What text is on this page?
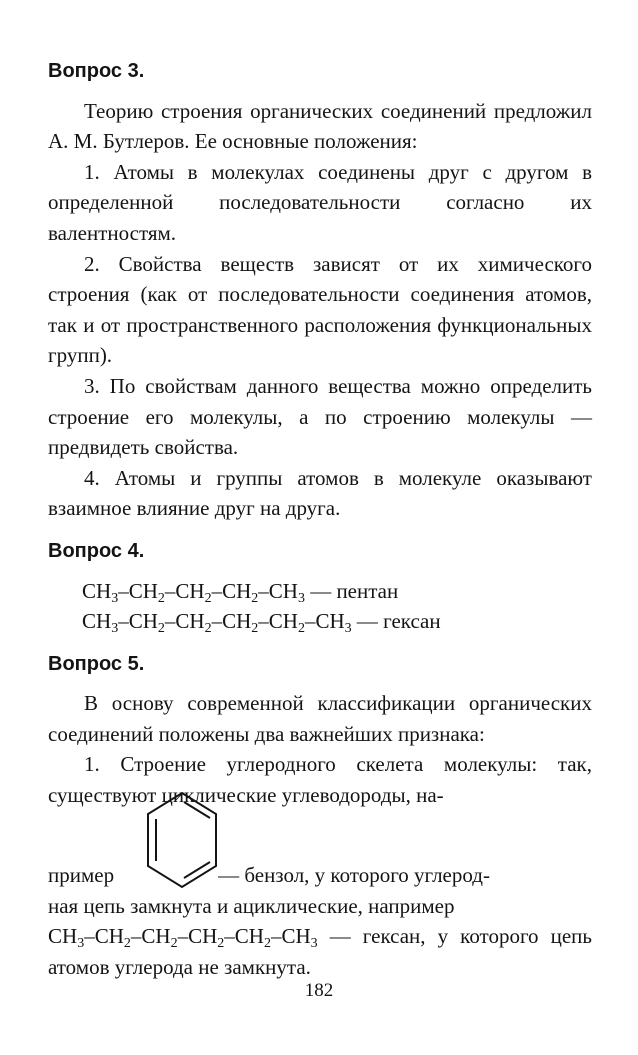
Вопрос 3.

Теорию строения органических соединений предложил А. М. Бутлеров. Ее основные положения:

1. Атомы в молекулах соединены друг с другом в определенной последовательности согласно их валентностям.

2. Свойства веществ зависят от их химического строения (как от последовательности соединения атомов, так и от пространственного расположения функциональных групп).

3. По свойствам данного вещества можно определить строение его молекулы, а по строению молекулы — предвидеть свойства.

4. Атомы и группы атомов в молекуле оказывают взаимное влияние друг на друга.

Вопрос 4.
$CH_3-CH_2-CH_2-CH_2-CH_3$ — пентан
$CH_3-CH_2-CH_2-CH_2-CH_2-CH_3$ — гексан
Вопрос 5.

В основу современной классификации органических соединений положены два важнейших признака:

1. Строение углеродного скелета молекулы: так, существуют циклические углеводороды, на-

пример	— бензол, у которого углерод-

ная цепь замкнута и ациклические, например

$CH_3-CH_2-CH_2-CH_2-CH_2-CH_3$ — гексан, у которого цепь атомов углерода не замкнута.

182
